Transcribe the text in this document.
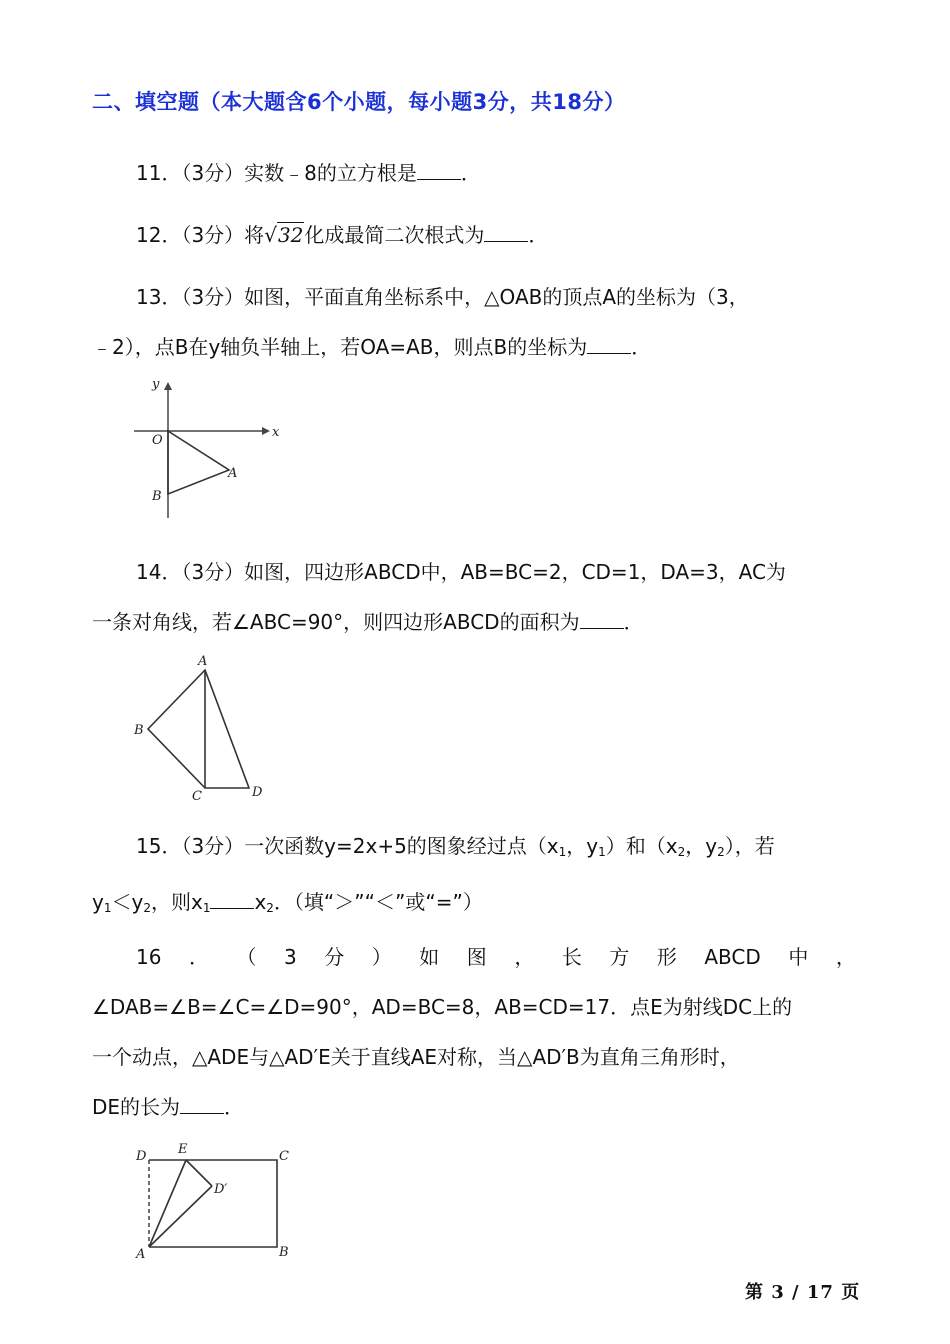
二、填空题（本大题含6个小题，每小题3分，共18分）
11．（3分）实数﹣8的立方根是 ．
12．（3分）将√32化成最简二次根式为 ．
13．（3分）如图，平面直角坐标系中，△OAB的顶点A的坐标为（3，
﹣2），点B在y轴负半轴上，若OA=AB，则点B的坐标为 ．
x
y
O
A
B
14．（3分）如图，四边形ABCD中，AB=BC=2，CD=1，DA=3，AC为
一条对角线，若∠ABC=90°，则四边形ABCD的面积为 ．
A
B
C	D
15．（3分）一次函数y=2x+5的图象经过点（$x_1$，$y_1$）和（$x_2$，$y_2$），若
$y_1<y_2$，则$x_1$ $x_2$．（填“＞”“＜”或“=”）
16 ． （ 3 分 ） 如 图 ， 长 方 形 ABCD 中 ，
∠DAB=∠B=∠C=∠D=90°，AD=BC=8，AB=CD=17．点E为射线DC上的
一个动点，△ADE与△AD′E关于直线AE对称，当△AD′B为直角三角形时，
DE的长为 ．
D E	C
D′
A	B
第 3 / 17 页
